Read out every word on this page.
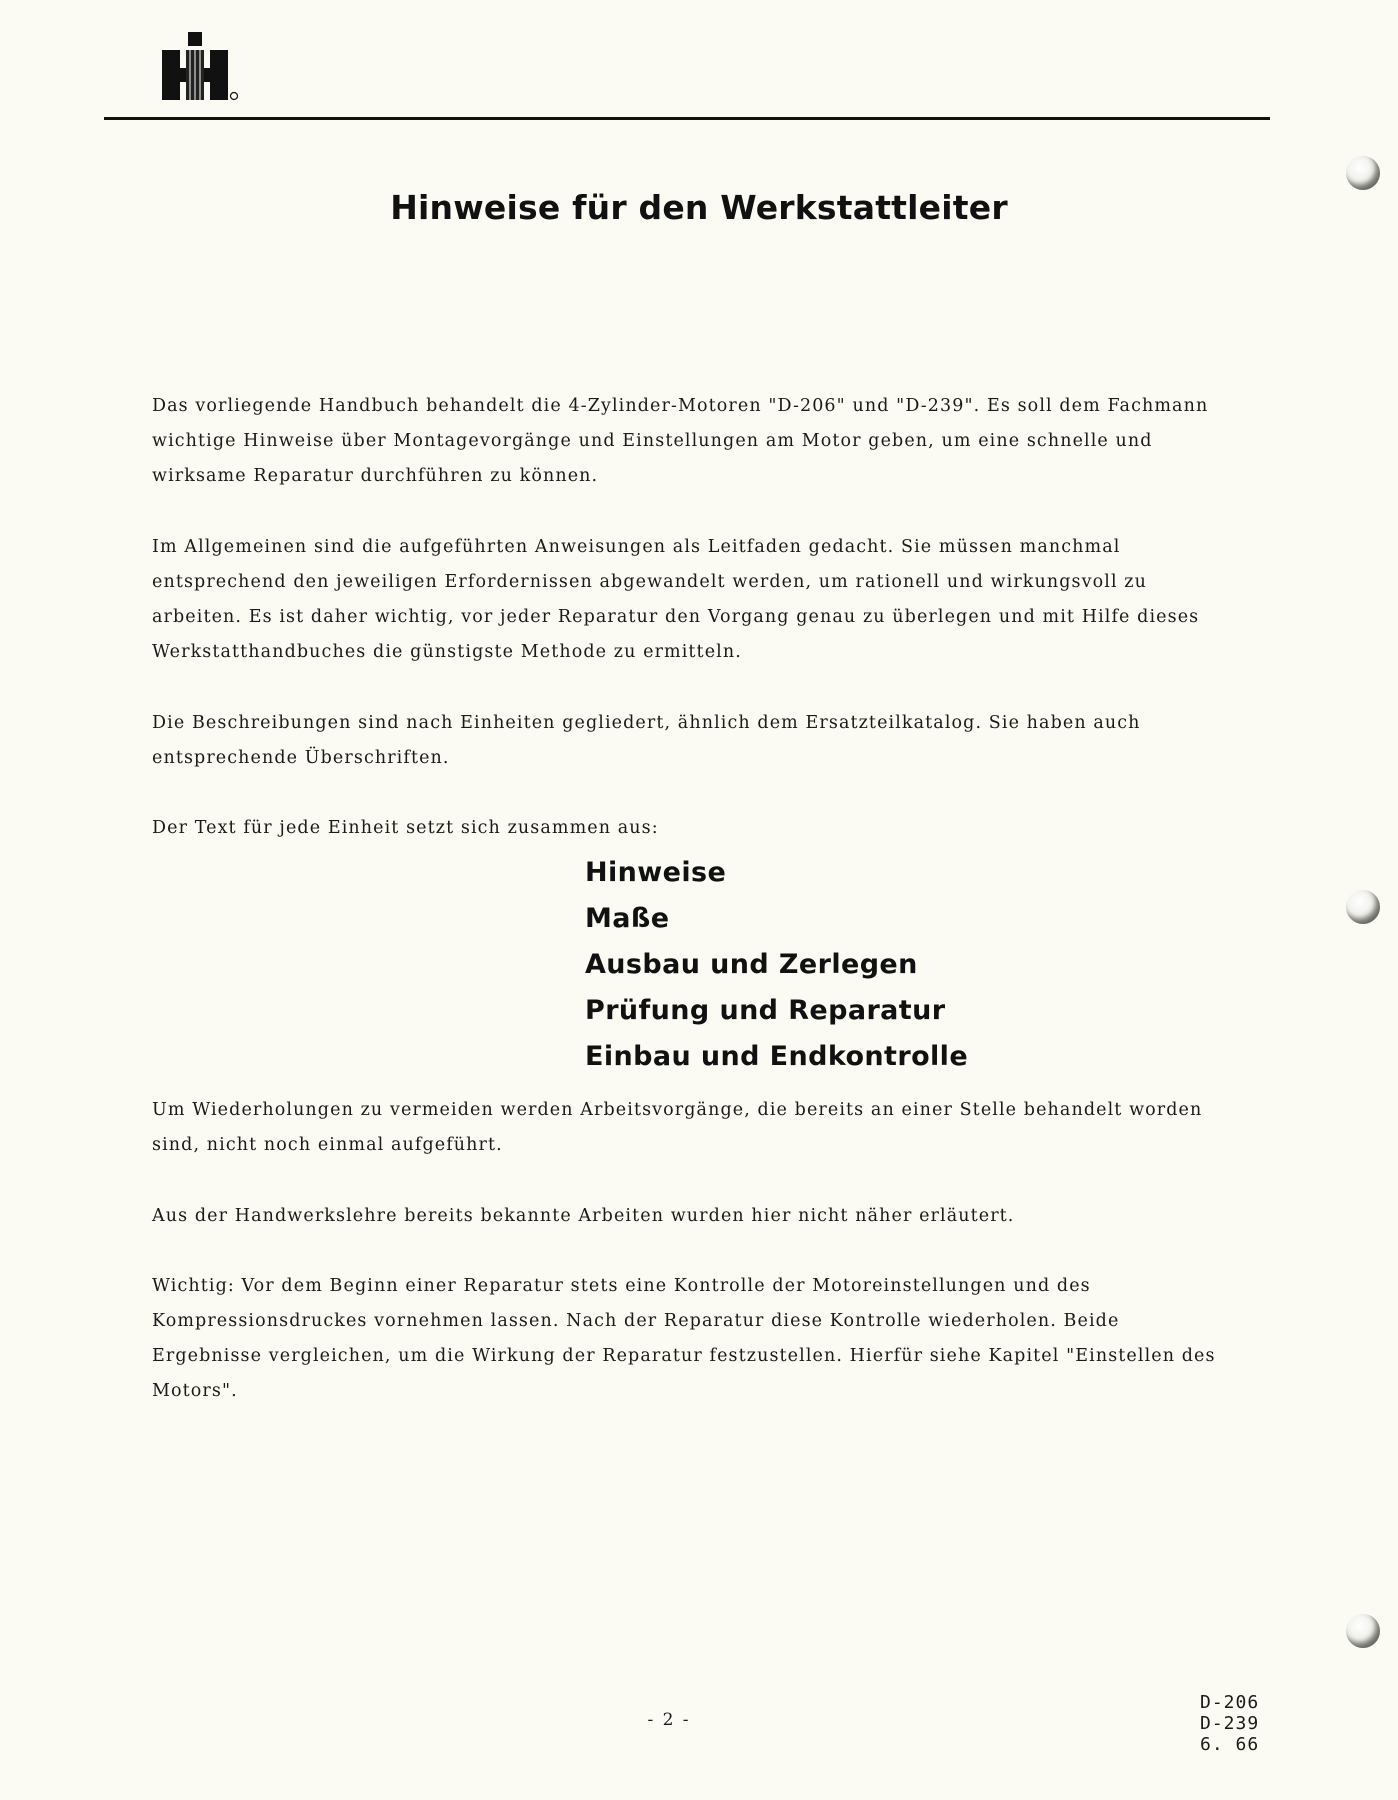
Hinweise für den Werkstattleiter
Das vorliegende Handbuch behandelt die 4-Zylinder-Motoren "D-206" und "D-239". Es soll dem Fachmann wichtige Hinweise über Montagevorgänge und Einstellungen am Motor geben, um eine schnelle und wirksame Reparatur durchführen zu können.
Im Allgemeinen sind die aufgeführten Anweisungen als Leitfaden gedacht. Sie müssen manchmal entsprechend den jeweiligen Erfordernissen abgewandelt werden, um rationell und wirkungsvoll zu arbeiten. Es ist daher wichtig, vor jeder Reparatur den Vorgang genau zu überlegen und mit Hilfe dieses Werkstatthandbuches die günstigste Methode zu ermitteln.
Die Beschreibungen sind nach Einheiten gegliedert, ähnlich dem Ersatzteilkatalog. Sie haben auch entsprechende Überschriften.
Der Text für jede Einheit setzt sich zusammen aus:
Hinweise
Maße
Ausbau und Zerlegen
Prüfung und Reparatur
Einbau und Endkontrolle
Um Wiederholungen zu vermeiden werden Arbeitsvorgänge, die bereits an einer Stelle behandelt worden sind, nicht noch einmal aufgeführt.
Aus der Handwerkslehre bereits bekannte Arbeiten wurden hier nicht näher erläutert.
Wichtig: Vor dem Beginn einer Reparatur stets eine Kontrolle der Motoreinstellungen und des Kompressionsdruckes vornehmen lassen. Nach der Reparatur diese Kontrolle wiederholen. Beide Ergebnisse vergleichen, um die Wirkung der Reparatur festzustellen. Hierfür siehe Kapitel "Einstellen des Motors".
- 2 -
D-206
D-239
6. 66
